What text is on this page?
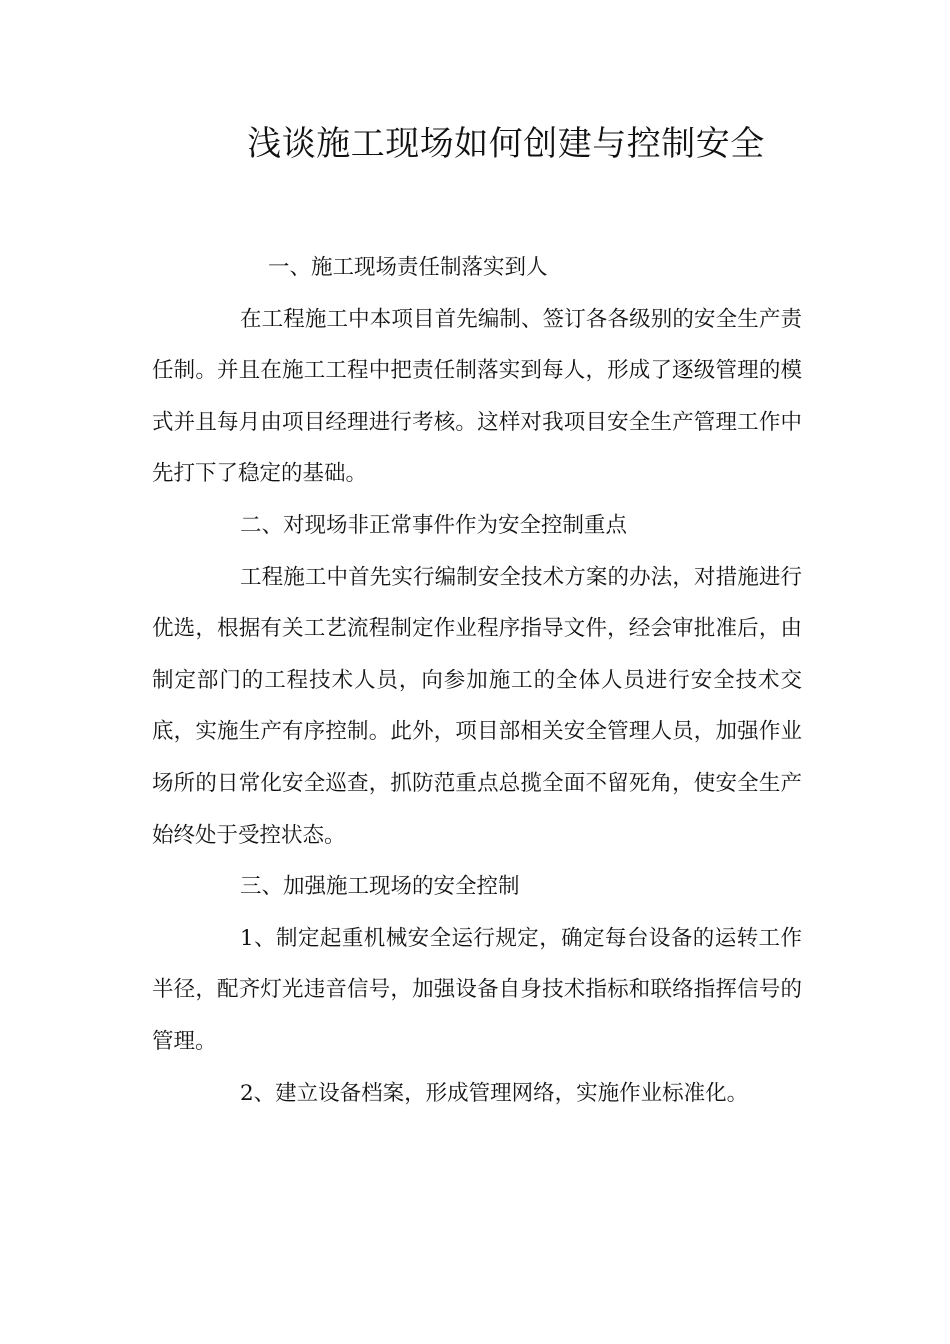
浅谈施工现场如何创建与控制安全
一、施工现场责任制落实到人

在工程施工中本项目首先编制、签订各各级别的安全生产责任制。并且在施工工程中把责任制落实到每人，形成了逐级管理的模式并且每月由项目经理进行考核。这样对我项目安全生产管理工作中先打下了稳定的基础。

二、对现场非正常事件作为安全控制重点

工程施工中首先实行编制安全技术方案的办法，对措施进行优选，根据有关工艺流程制定作业程序指导文件，经会审批准后，由制定部门的工程技术人员，向参加施工的全体人员进行安全技术交底，实施生产有序控制。此外，项目部相关安全管理人员，加强作业场所的日常化安全巡查，抓防范重点总揽全面不留死角，使安全生产始终处于受控状态。

三、加强施工现场的安全控制

1、制定起重机械安全运行规定，确定每台设备的运转工作半径，配齐灯光违音信号，加强设备自身技术指标和联络指挥信号的管理。

2、建立设备档案，形成管理网络，实施作业标准化。
